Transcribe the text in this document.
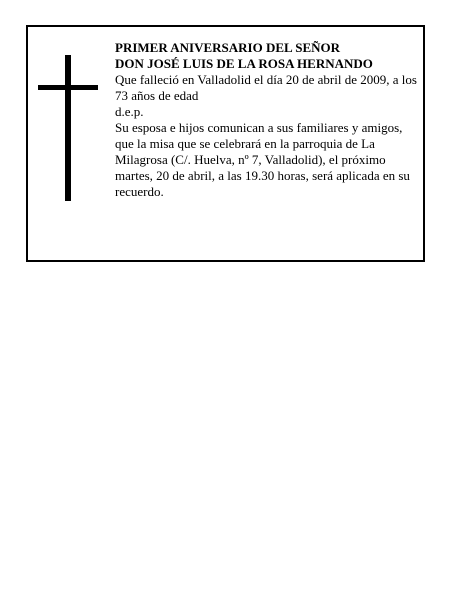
PRIMER ANIVERSARIO DEL SEÑOR

DON JOSÉ LUIS DE LA ROSA HERNANDO

Que falleció en Valladolid el día 20 de abril de 2009, a los 73 años de edad

d.e.p.

Su esposa e hijos comunican a sus familiares y amigos, que la misa que se celebrará en la parroquia de La Milagrosa (C/. Huelva, nº 7, Valladolid), el próximo martes, 20 de abril, a las 19.30 horas, será aplicada en su recuerdo.
